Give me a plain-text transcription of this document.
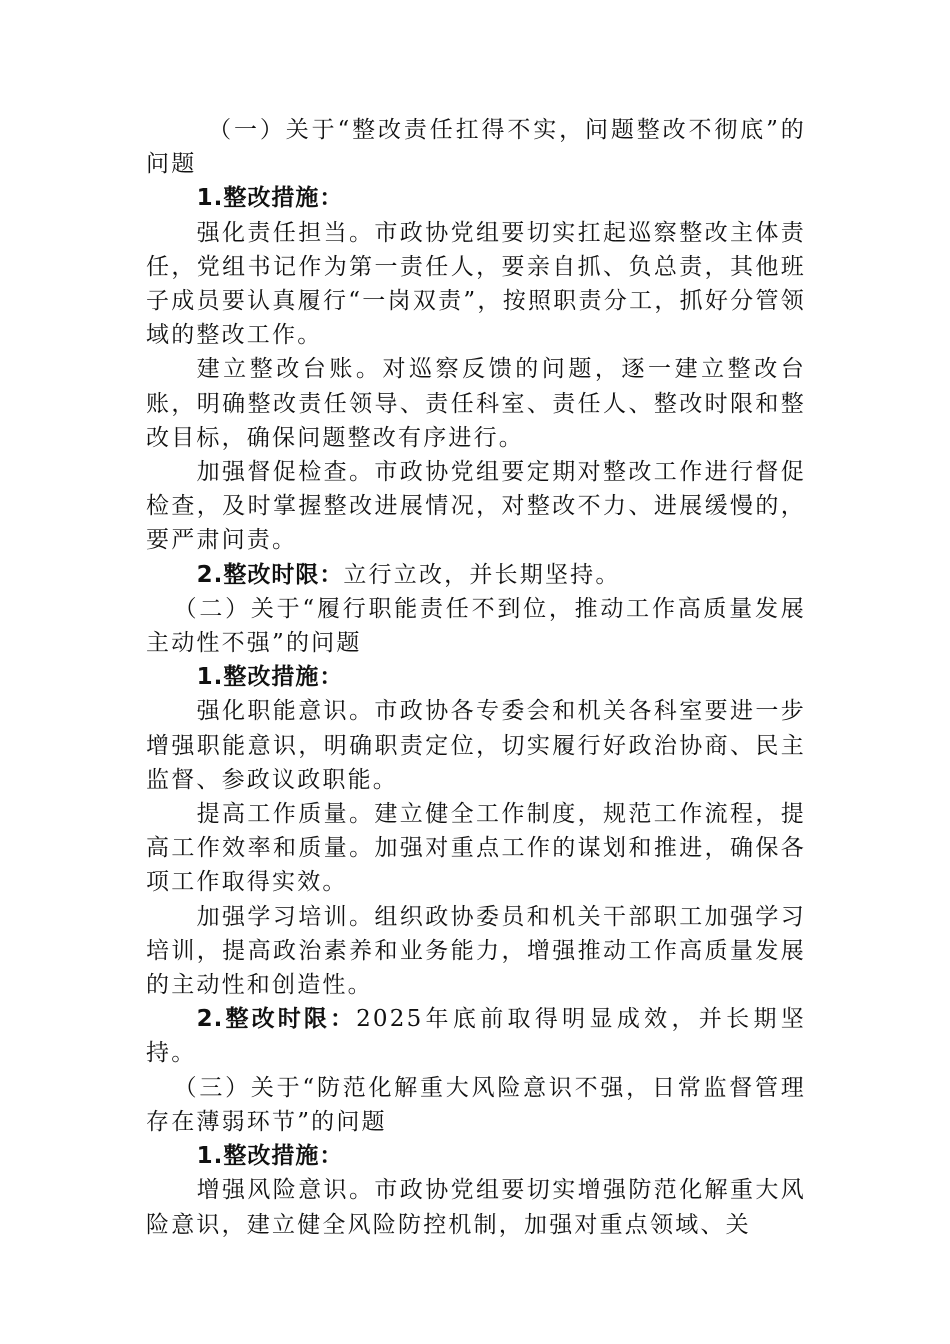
（一）关于“整改责任扛得不实，问题整改不彻底”的问题

1.整改措施：

强化责任担当。市政协党组要切实扛起巡察整改主体责任，党组书记作为第一责任人，要亲自抓、负总责，其他班子成员要认真履行“一岗双责”，按照职责分工，抓好分管领域的整改工作。

建立整改台账。对巡察反馈的问题，逐一建立整改台账，明确整改责任领导、责任科室、责任人、整改时限和整改目标，确保问题整改有序进行。

加强督促检查。市政协党组要定期对整改工作进行督促检查，及时掌握整改进展情况，对整改不力、进展缓慢的，要严肃问责。

2.整改时限：立行立改，并长期坚持。

（二）关于“履行职能责任不到位，推动工作高质量发展主动性不强”的问题

1.整改措施：

强化职能意识。市政协各专委会和机关各科室要进一步增强职能意识，明确职责定位，切实履行好政治协商、民主监督、参政议政职能。

提高工作质量。建立健全工作制度，规范工作流程，提高工作效率和质量。加强对重点工作的谋划和推进，确保各项工作取得实效。

加强学习培训。组织政协委员和机关干部职工加强学习培训，提高政治素养和业务能力，增强推动工作高质量发展的主动性和创造性。

2.整改时限：2025年底前取得明显成效，并长期坚持。

（三）关于“防范化解重大风险意识不强，日常监督管理存在薄弱环节”的问题

1.整改措施：

增强风险意识。市政协党组要切实增强防范化解重大风险意识，建立健全风险防控机制，加强对重点领域、关
